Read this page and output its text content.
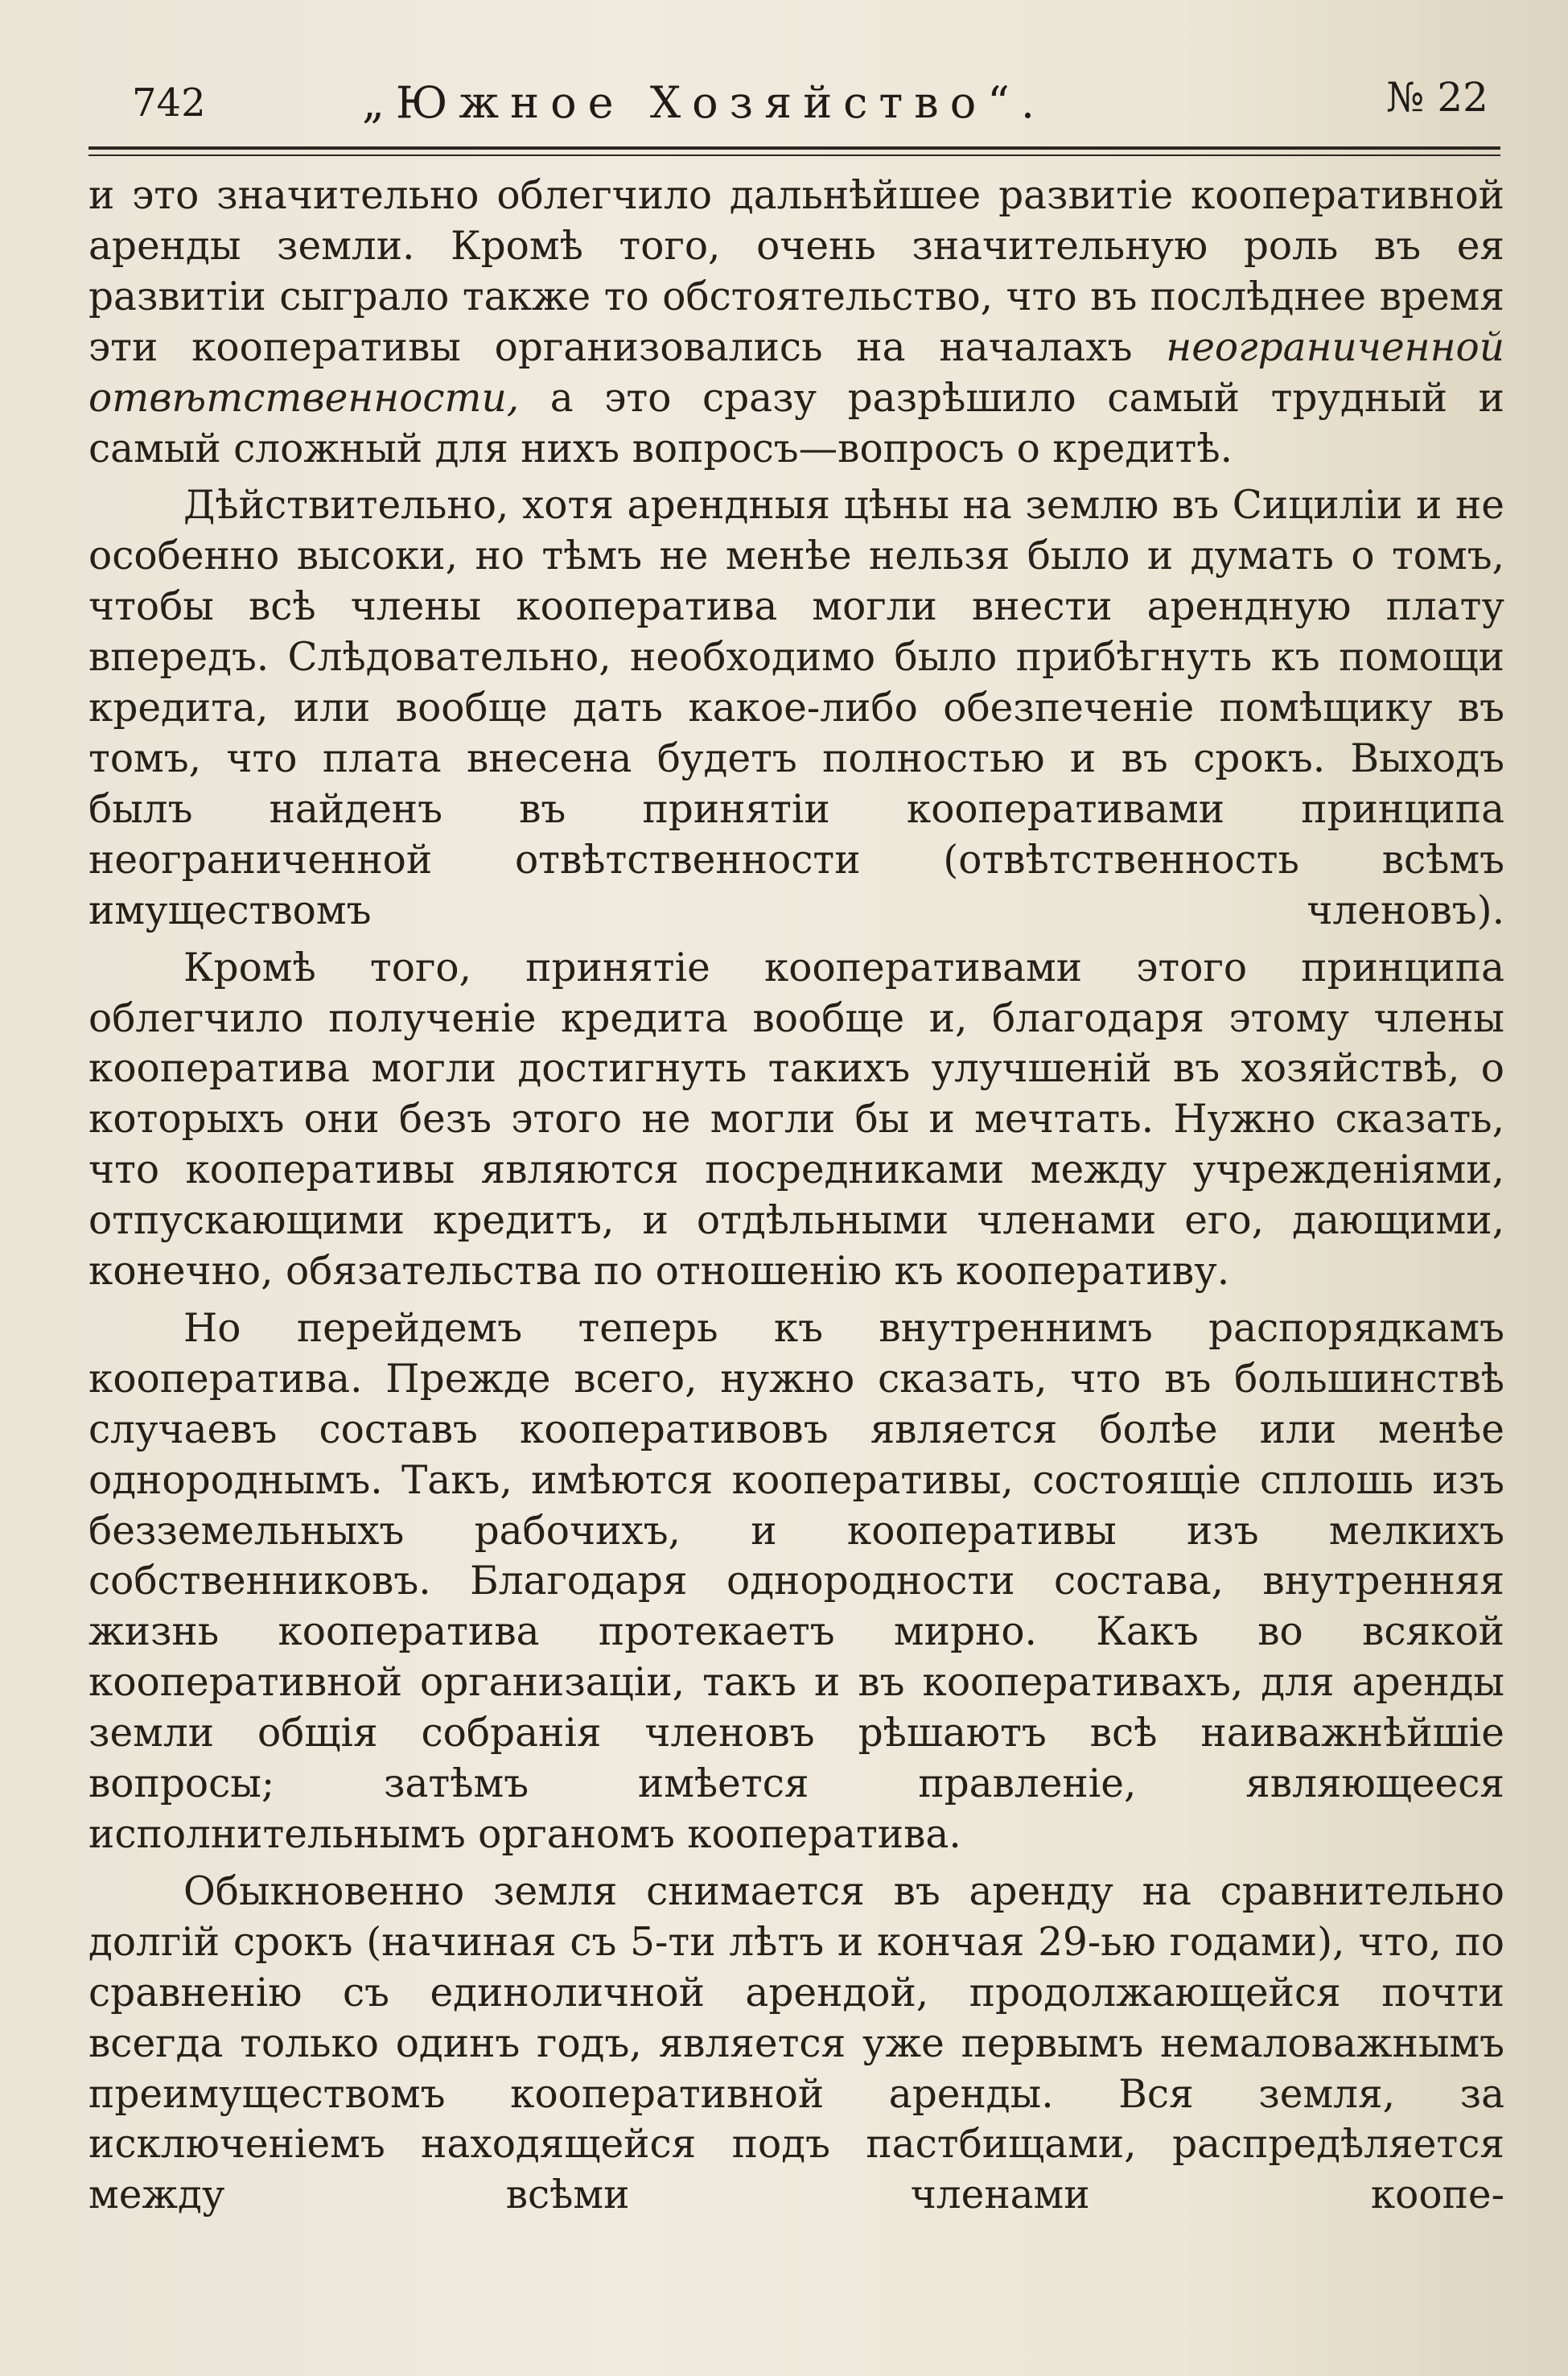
742	„Южное Хозяйство“.	№ 22

и это значительно облегчило дальнѣйшее развитiе кооперативной аренды земли. Кромѣ того, очень значительную роль въ ея развитiи сыграло также то обстоятельство, что въ послѣднее время эти кооперативы организовались на началахъ неограниченной отвѣтственности, а это сразу разрѣшило самый трудный и самый сложный для нихъ вопросъ—вопросъ о кредитѣ.

Дѣйствительно, хотя арендныя цѣны на землю въ Сицилiи и не особенно высоки, но тѣмъ не менѣе нельзя было и думать о томъ, чтобы всѣ члены кооператива могли внести арендную плату впередъ. Слѣдовательно, необходимо было прибѣгнуть къ помощи кредита, или вообще дать какое-либо обезпеченiе помѣщику въ томъ, что плата внесена будетъ полностью и въ срокъ. Выходъ былъ найденъ въ принятiи кооперативами принципа неограниченной отвѣтственности (отвѣтственность всѣмъ имуществомъ членовъ).

Кромѣ того, принятiе кооперативами этого принципа облегчило полученiе кредита вообще и, благодаря этому члены кооператива могли достигнуть такихъ улучшенiй въ хозяйствѣ, о которыхъ они безъ этого не могли бы и мечтать. Нужно сказать, что кооперативы являются посредниками между учрежденiями, отпускающими кредитъ, и отдѣльными членами его, дающими, конечно, обязательства по отношенiю къ кооперативу.

Но перейдемъ теперь къ внутреннимъ распорядкамъ кооператива. Прежде всего, нужно сказать, что въ большинствѣ случаевъ составъ кооперативовъ является болѣе или менѣе однороднымъ. Такъ, имѣются кооперативы, состоящiе сплошь изъ безземельныхъ рабочихъ, и кооперативы изъ мелкихъ собственниковъ. Благодаря однородности состава, внутренняя жизнь кооператива протекаетъ мирно. Какъ во всякой кооперативной организацiи, такъ и въ кооперативахъ, для аренды земли общiя собранiя членовъ рѣшаютъ всѣ наиважнѣйшiе вопросы; затѣмъ имѣется правленiе, являющееся исполнительнымъ органомъ кооператива.

Обыкновенно земля снимается въ аренду на сравнительно долгiй срокъ (начиная съ 5-ти лѣтъ и кончая 29-ью годами), что, по сравненiю съ единоличной арендой, продолжающейся почти всегда только одинъ годъ, является уже первымъ немаловажнымъ преимуществомъ кооперативной аренды. Вся земля, за исключенiемъ находящейся подъ пастбищами, распредѣляется между всѣми членами коопе-
